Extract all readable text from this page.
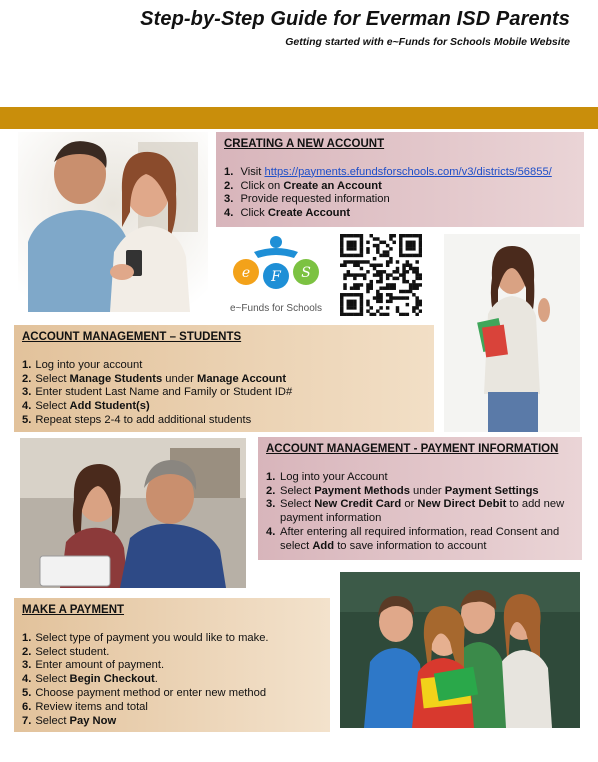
Step-by-Step Guide for Everman ISD Parents
Getting started with e~Funds for Schools Mobile Website
CREATING A NEW ACCOUNT
1. Visit https://payments.efundsforschools.com/v3/districts/56855/
2. Click on Create an Account
3. Provide requested information
4. Click Create Account
e F S
e~Funds for Schools
ACCOUNT MANAGEMENT – STUDENTS
1. Log into your account
2. Select Manage Students under Manage Account
3. Enter student Last Name and Family or Student ID#
4. Select Add Student(s)
5. Repeat steps 2-4 to add additional students
ACCOUNT MANAGEMENT - PAYMENT INFORMATION
1. Log into your Account
2. Select Payment Methods under Payment Settings
3. Select New Credit Card or New Direct Debit to add new payment information
4. After entering all required information, read Consent and select Add to save information to account
MAKE A PAYMENT
1. Select type of payment you would like to make.
2. Select student.
3. Enter amount of payment.
4. Select Begin Checkout.
5. Choose payment method or enter new method
6. Review items and total
7. Select Pay Now
